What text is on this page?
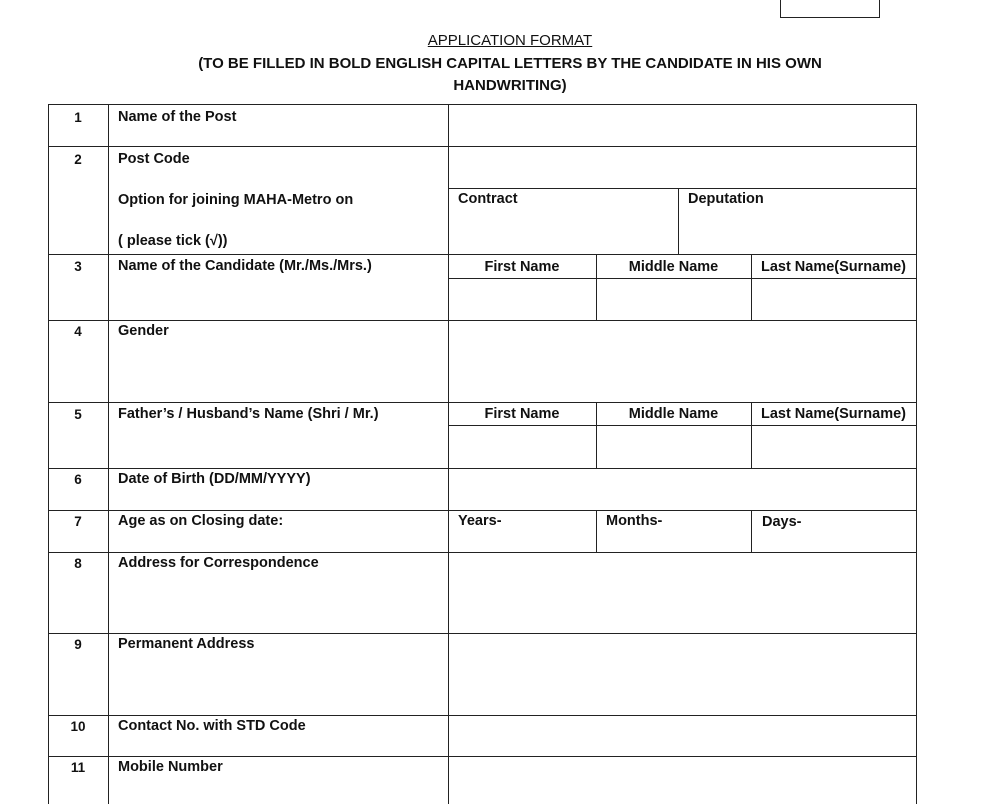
APPLICATION FORMAT
(TO BE FILLED IN BOLD ENGLISH CAPITAL LETTERS BY THE CANDIDATE IN HIS OWN
HANDWRITING)
1	Name of the Post
2	Post Code
Option for joining MAHA-Metro on
( please tick (√))
Contract	Deputation
3	Name of the Candidate (Mr./Ms./Mrs.)	First Name	Middle Name	Last Name(Surname)
4	Gender
5	Father’s / Husband’s Name (Shri / Mr.)	First Name	Middle Name	Last Name(Surname)
6	Date of Birth (DD/MM/YYYY)
7	Age as on Closing date:	Years-	Months-	Days-
8	Address for Correspondence
9	Permanent Address
10	Contact No. with STD Code
11	Mobile Number
